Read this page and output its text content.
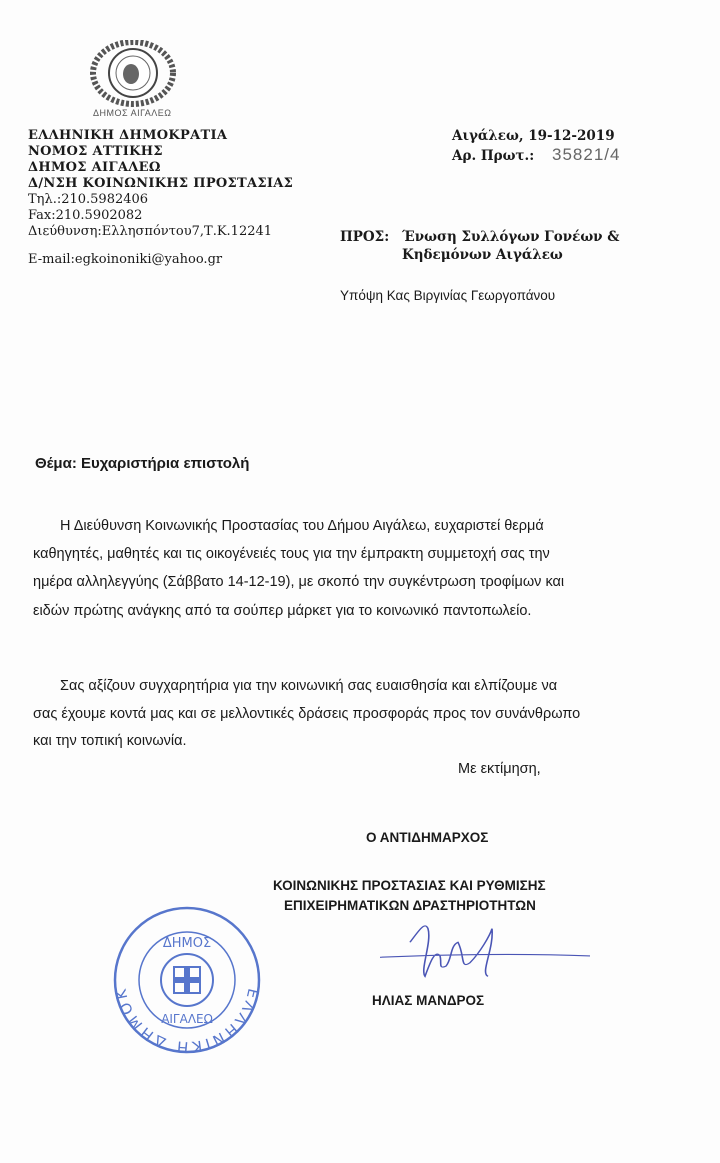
ΔΗΜΟΣ ΑΙΓΑΛΕΩ
ΕΛΛΗΝΙΚΗ ΔΗΜΟΚΡΑΤΙΑ
ΝΟΜΟΣ ΑΤΤΙΚΗΣ
ΔΗΜΟΣ ΑΙΓΑΛΕΩ
Δ/ΝΣΗ ΚΟΙΝΩΝΙΚΗΣ ΠΡΟΣΤΑΣΙΑΣ
Τηλ.:210.5982406
Fax:210.5902082
Διεύθυνση:Ελλησπόντου7,Τ.Κ.12241
E-mail:egkoinoniki@yahoo.gr
Αιγάλεω, 19-12-2019
Αρ. Πρωτ.: 35821/4
ΠΡΟΣ: Ένωση Συλλόγων Γονέων &
Κηδεμόνων Αιγάλεω
Υπόψη Κας Βιργινίας Γεωργοπάνου
Θέμα: Ευχαριστήρια επιστολή
Η Διεύθυνση Κοινωνικής Προστασίας του Δήμου Αιγάλεω, ευχαριστεί θερμά
καθηγητές, μαθητές και τις οικογένειές τους για την έμπρακτη συμμετοχή σας την
ημέρα αλληλεγγύης (Σάββατο 14-12-19), με σκοπό την συγκέντρωση τροφίμων και
ειδών πρώτης ανάγκης από τα σούπερ μάρκετ για το κοινωνικό παντοπωλείο.
Σας αξίζουν συγχαρητήρια για την κοινωνική σας ευαισθησία και ελπίζουμε να
σας έχουμε κοντά μας και σε μελλοντικές δράσεις προσφοράς προς τον συνάνθρωπο
και την τοπική κοινωνία.
Με εκτίμηση,
Ο ΑΝΤΙΔΗΜΑΡΧΟΣ
ΚΟΙΝΩΝΙΚΗΣ ΠΡΟΣΤΑΣΙΑΣ ΚΑΙ ΡΥΘΜΙΣΗΣ
ΕΠΙΧΕΙΡΗΜΑΤΙΚΩΝ ΔΡΑΣΤΗΡΙΟΤΗΤΩΝ
ΗΛΙΑΣ ΜΑΝΔΡΟΣ
ΕΛΛΗΝΙΚΗ ΔΗΜΟΚ
ΔΗΜΟΣ
ΑΙΓΑΛΕΩ
